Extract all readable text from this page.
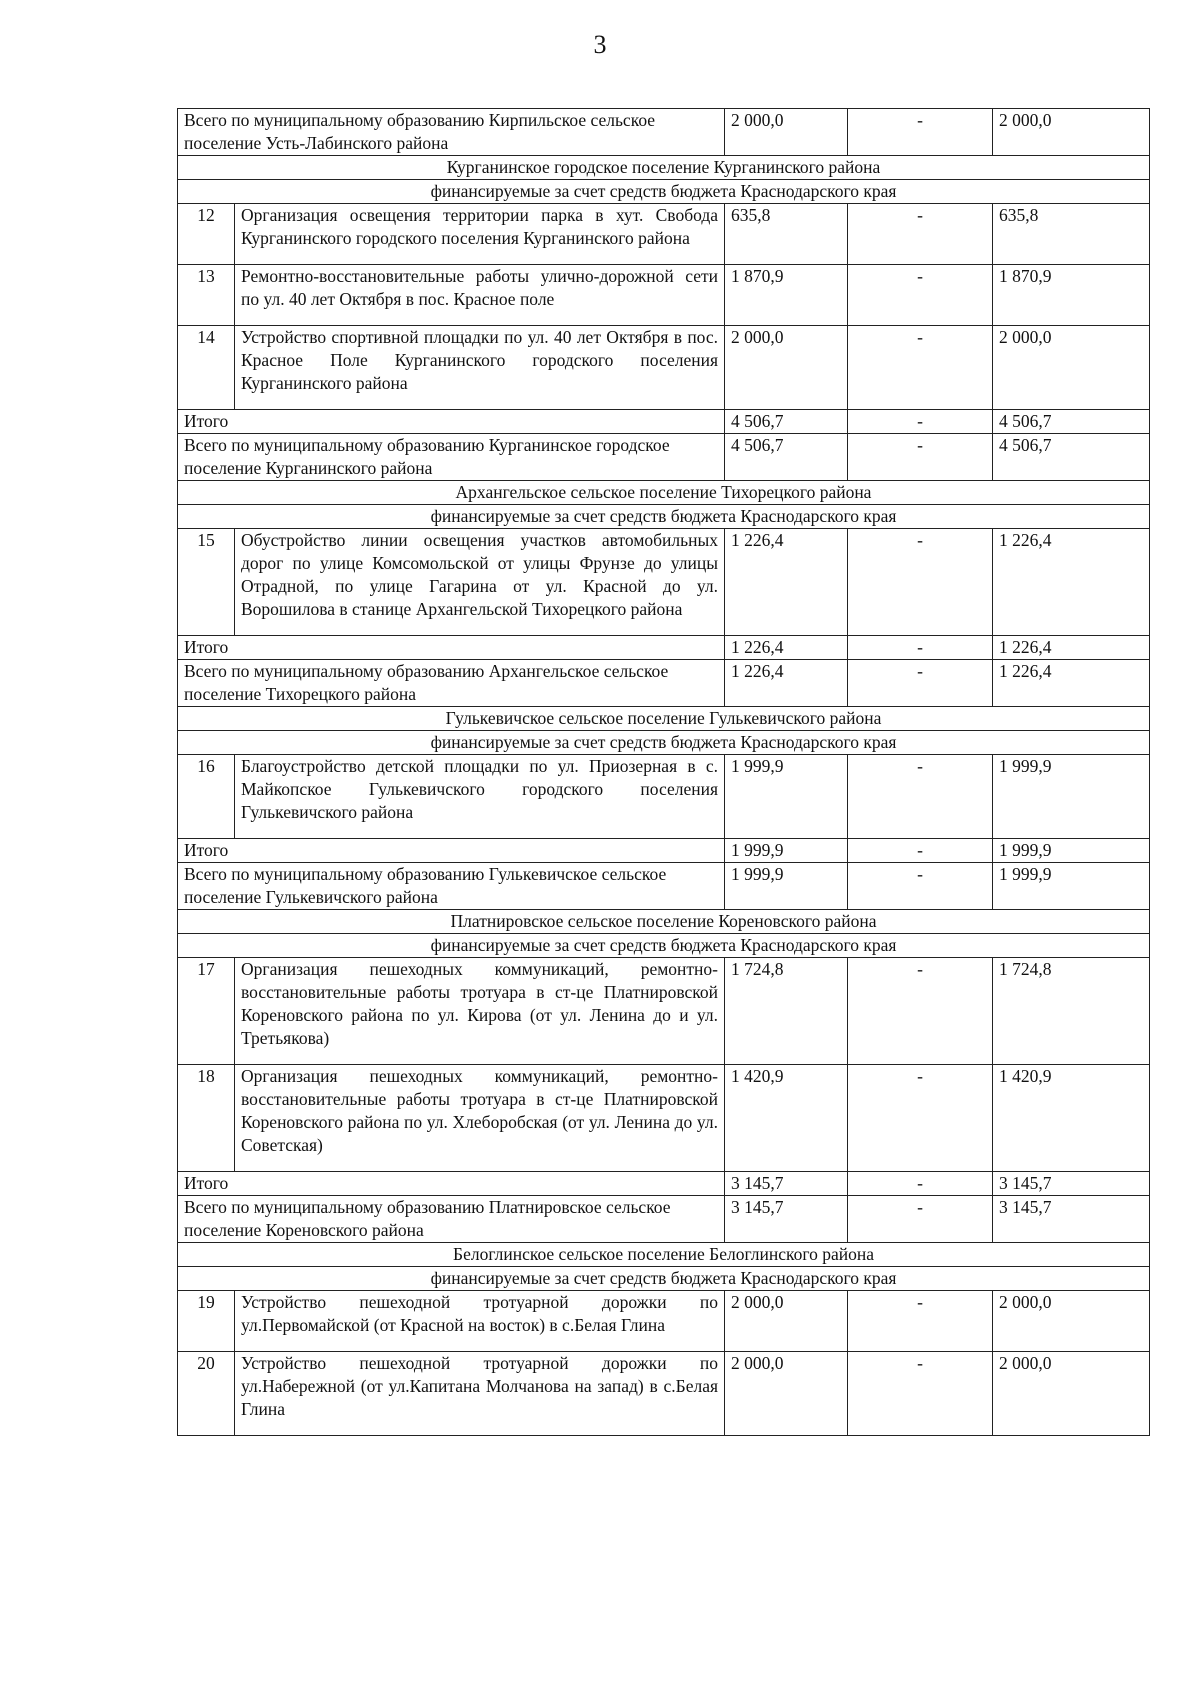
3
Всего по муниципальному образованию Кирпильское сельское поселение Усть-Лабинского района		2 000,0	-	2 000,0
Курганинское городское поселение Курганинского района				
финансируемые за счет средств бюджета Краснодарского края				
12	Организация освещения территории парка в хут. Свобода Курганинского городского поселения Курганинского района	635,8	-	635,8
13	Ремонтно-восстановительные работы улично-дорожной сети по ул. 40 лет Октября в пос. Красное поле	1 870,9	-	1 870,9
14	Устройство спортивной площадки по ул. 40 лет Октября в пос. Красное Поле Курганинского городского поселения Курганинского района	2 000,0	-	2 000,0
Итого		4 506,7	-	4 506,7
Всего по муниципальному образованию Курганинское городское поселение Курганинского района		4 506,7	-	4 506,7
Архангельское сельское поселение Тихорецкого района				
финансируемые за счет средств бюджета Краснодарского края				
15	Обустройство линии освещения участков автомобильных дорог по улице Комсомольской от улицы Фрунзе до улицы Отрадной, по улице Гагарина от ул. Красной до ул. Ворошилова в станице Архангельской Тихорецкого района	1 226,4	-	1 226,4
Итого		1 226,4	-	1 226,4
Всего по муниципальному образованию Архангельское сельское поселение Тихорецкого района		1 226,4	-	1 226,4
Гулькевичское сельское поселение Гулькевичского района				
финансируемые за счет средств бюджета Краснодарского края				
16	Благоустройство детской площадки по ул. Приозерная в с. Майкопское Гулькевичского городского поселения Гулькевичского района	1 999,9	-	1 999,9
Итого		1 999,9	-	1 999,9
Всего по муниципальному образованию Гулькевичское сельское поселение Гулькевичского района		1 999,9	-	1 999,9
Платнировское сельское поселение Кореновского района				
финансируемые за счет средств бюджета Краснодарского края				
17	Организация пешеходных коммуникаций, ремонтно-восстановительные работы тротуара в ст-це Платнировской Кореновского района по ул. Кирова (от ул. Ленина до и ул. Третьякова)	1 724,8	-	1 724,8
18	Организация пешеходных коммуникаций, ремонтно-восстановительные работы тротуара в ст-це Платнировской Кореновского района по ул. Хлеборобская (от ул. Ленина до ул. Советская)	1 420,9	-	1 420,9
Итого		3 145,7	-	3 145,7
Всего по муниципальному образованию Платнировское сельское поселение Кореновского района		3 145,7	-	3 145,7
Белоглинское сельское поселение Белоглинского района				
финансируемые за счет средств бюджета Краснодарского края				
19	Устройство пешеходной тротуарной дорожки по ул.Первомайской (от Красной на восток) в с.Белая Глина	2 000,0	-	2 000,0
20	Устройство пешеходной тротуарной дорожки по ул.Набережной (от ул.Капитана Молчанова на запад) в с.Белая Глина	2 000,0	-	2 000,0
